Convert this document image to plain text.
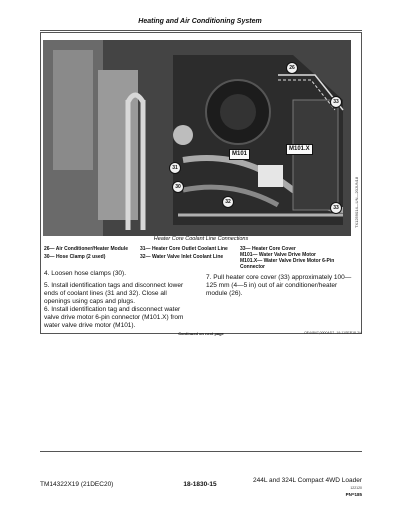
Heating and Air Conditioning System
26
30
31
32
33
33
M101
M101.X
TX1259014—UN—20JUN18
Heater Core Coolant Line Connections
26— Air Conditioner/Heater Module
30— Hose Clamp (2 used)
31— Heater Core Outlet Coolant Line
32— Water Valve Inlet Coolant Line
33— Heater Core Cover
M101— Water Valve Drive Motor
M101.X— Water Valve Drive Motor 6-Pin Connector
4. Loosen hose clamps (30).
5. Install identification tags and disconnect lower ends of coolant lines (31 and 32). Close all openings using caps and plugs.
6. Install identification tag and disconnect water valve drive motor 6-pin connector (M101.X) from water valve drive motor (M101).
7. Pull heater core cover (33) approximately 100—125 mm (4—5 in) out of air conditioner/heater module (26).
Continued on next page	OF44847,0000AD7 -19-11SEP18-2/4
TM14322X19 (21DEC20)	18-1830-15
244L and 324L Compact 4WD Loader
122120
PN=185
